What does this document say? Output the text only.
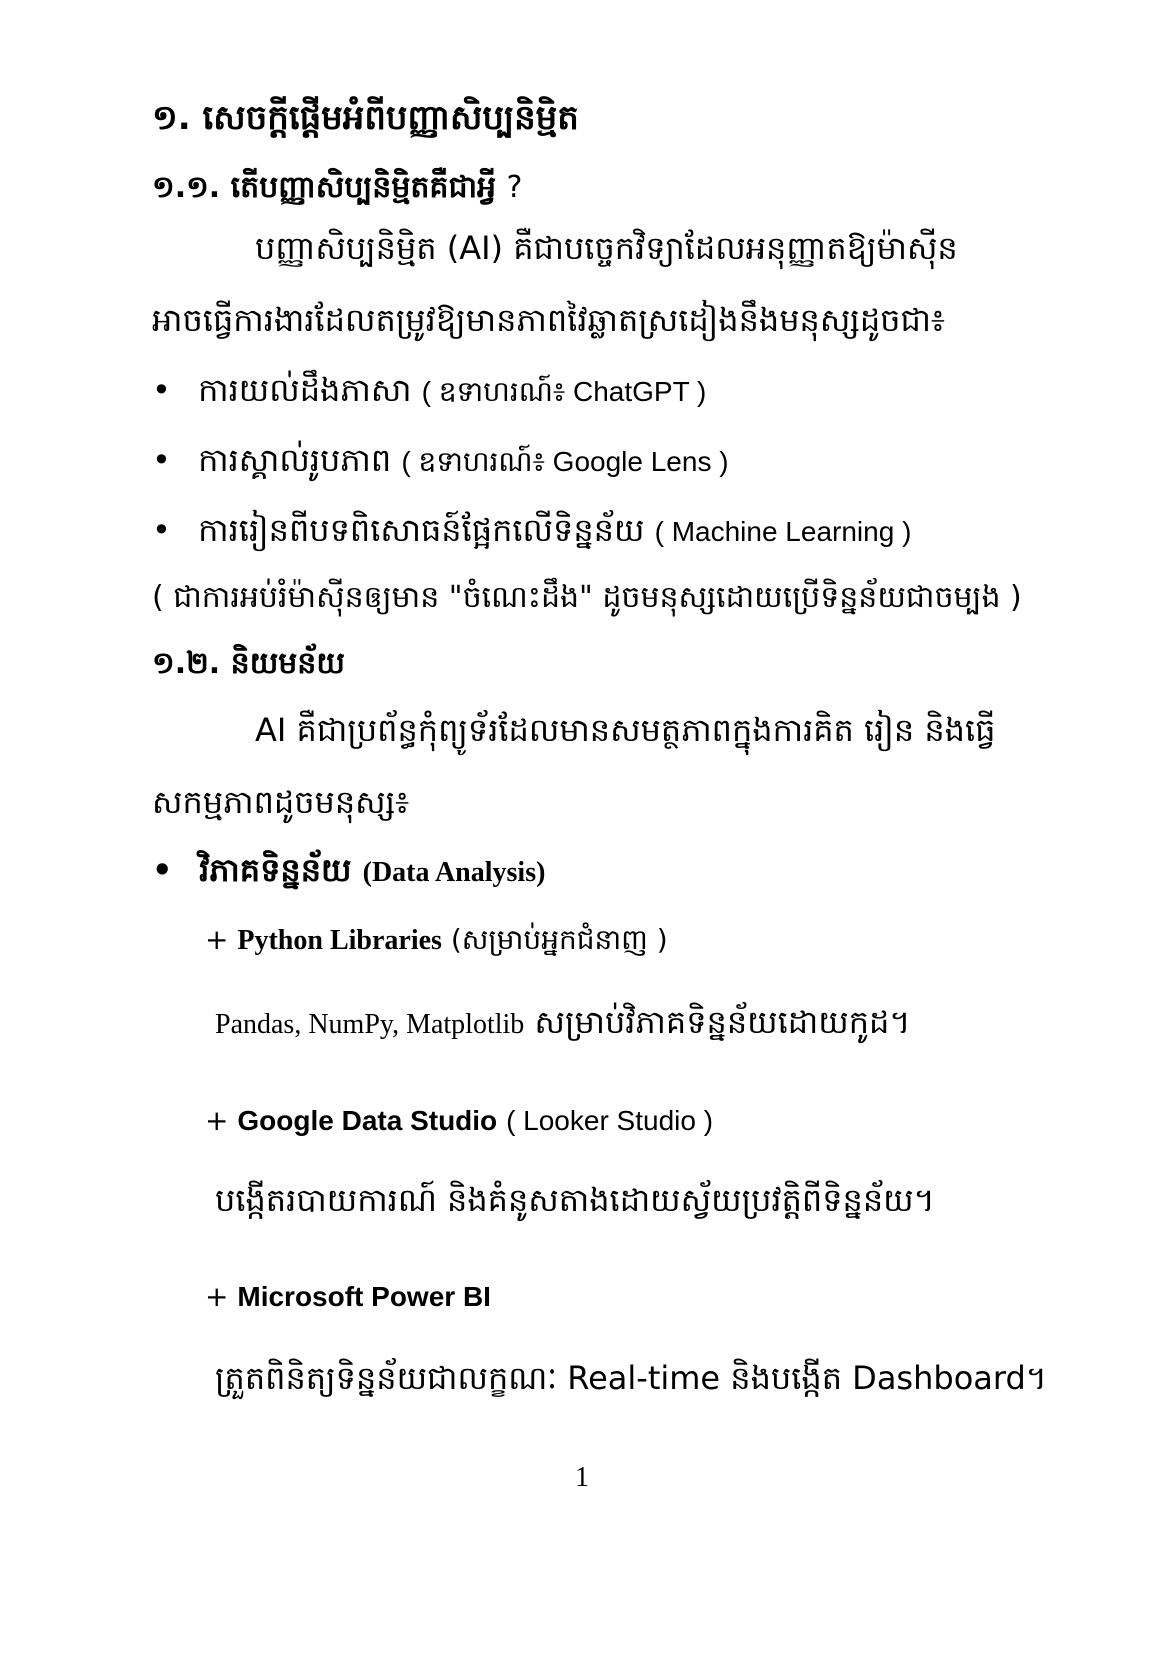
១. សេចក្តីផ្តើមអំពីបញ្ញាសិប្បនិម្មិត
១.១. តើបញ្ញាសិប្បនិម្មិតគឺជាអ្វី ?
បញ្ញាសិប្បនិម្មិត (AI) គឺជាបច្ចេកវិទ្យាដែលអនុញ្ញាតឱ្យម៉ាស៊ីន
អាចធ្វើការងារដែលតម្រូវឱ្យមានភាពវៃឆ្លាតស្រដៀងនឹងមនុស្សដូចជា៖
• ការយល់ដឹងភាសា ( ឧទាហរណ៍៖ ChatGPT )
• ការស្គាល់រូបភាព ( ឧទាហរណ៍៖ Google Lens )
• ការរៀនពីបទពិសោធន៍ផ្អែកលើទិន្នន័យ ( Machine Learning )
( ជាការអប់រំម៉ាស៊ីនឲ្យមាន "ចំណេះដឹង" ដូចមនុស្សដោយប្រើទិន្នន័យជាចម្បង )
១.២. និយមន័យ
AI គឺជាប្រព័ន្ធកុំព្យូទ័រដែលមានសមត្ថភាពក្នុងការគិត រៀន និងធ្វើ
សកម្មភាពដូចមនុស្ស៖
• វិភាគទិន្នន័យ (Data Analysis)
+ Python Libraries (សម្រាប់អ្នកជំនាញ )
Pandas, NumPy, Matplotlib សម្រាប់វិភាគទិន្នន័យដោយកូដ។
+ Google Data Studio ( Looker Studio )
បង្កើតរបាយការណ៍ និងគំនូសតាងដោយស្វ័យប្រវត្តិពីទិន្នន័យ។
+ Microsoft Power BI
ត្រួតពិនិត្យទិន្នន័យជាលក្ខណៈ Real-time និងបង្កើត Dashboard។
1
